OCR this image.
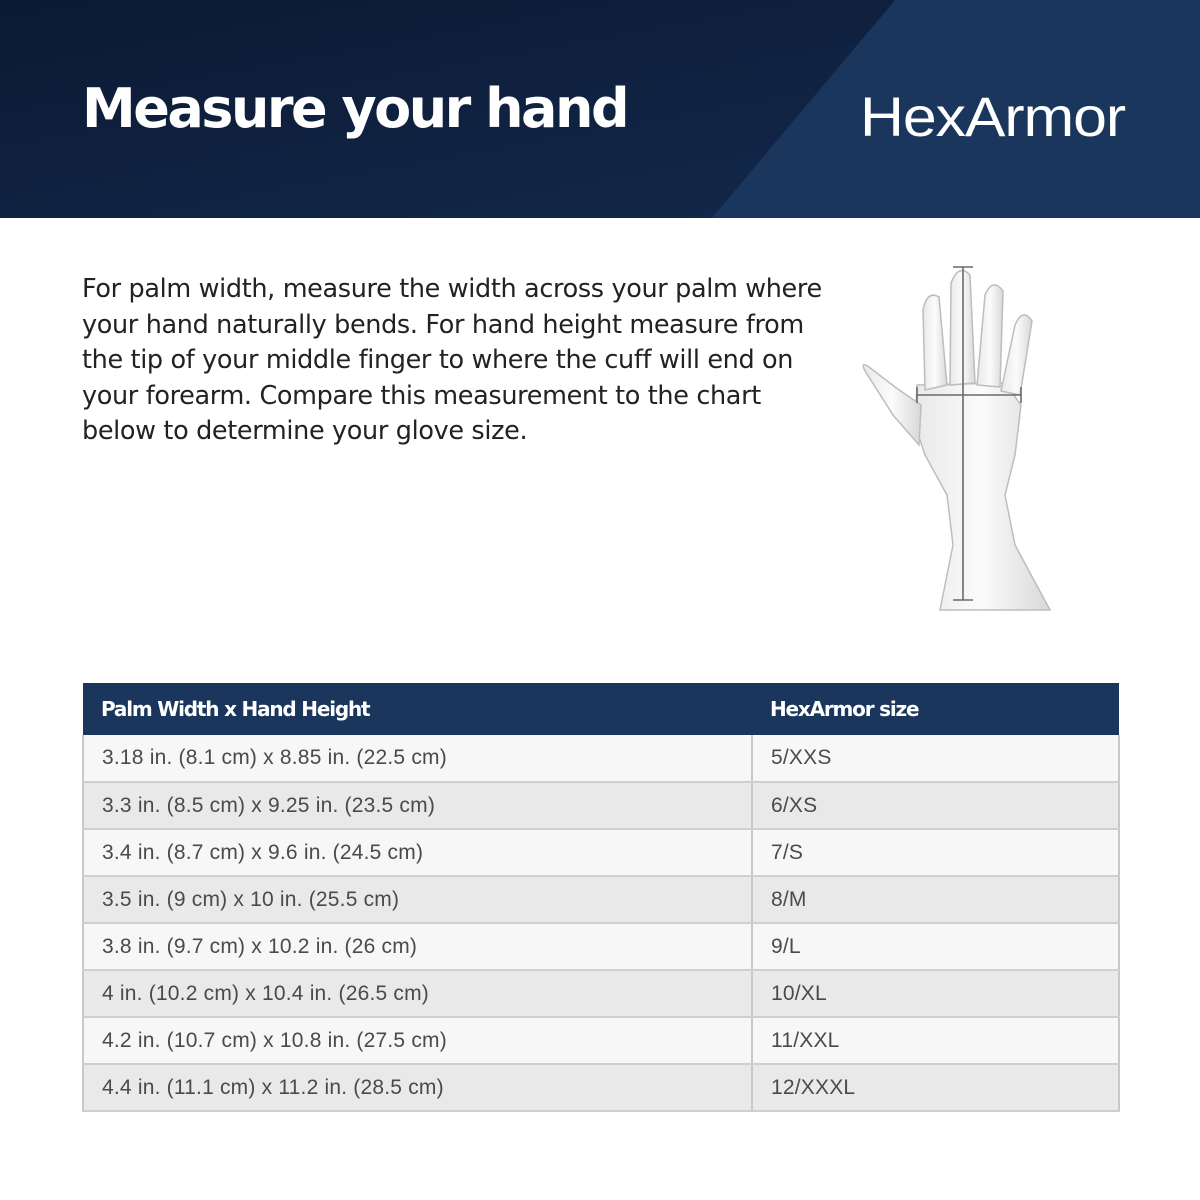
Measure your hand	HexArmor

For palm width, measure the width across your palm where your hand naturally bends. For hand height measure from the tip of your middle finger to where the cuff will end on your forearm. Compare this measurement to the chart below to determine your glove size.

Palm Width x Hand Height	HexArmor size
3.18 in. (8.1 cm) x 8.85 in. (22.5 cm)	5/XXS
3.3 in. (8.5 cm) x 9.25 in. (23.5 cm)	6/XS
3.4 in. (8.7 cm) x 9.6 in. (24.5 cm)	7/S
3.5 in. (9 cm) x 10 in. (25.5 cm)	8/M
3.8 in. (9.7 cm) x 10.2 in. (26 cm)	9/L
4 in. (10.2 cm) x 10.4 in. (26.5 cm)	10/XL
4.2 in. (10.7 cm) x 10.8 in. (27.5 cm)	11/XXL
4.4 in. (11.1 cm) x 11.2 in. (28.5 cm)	12/XXXL
